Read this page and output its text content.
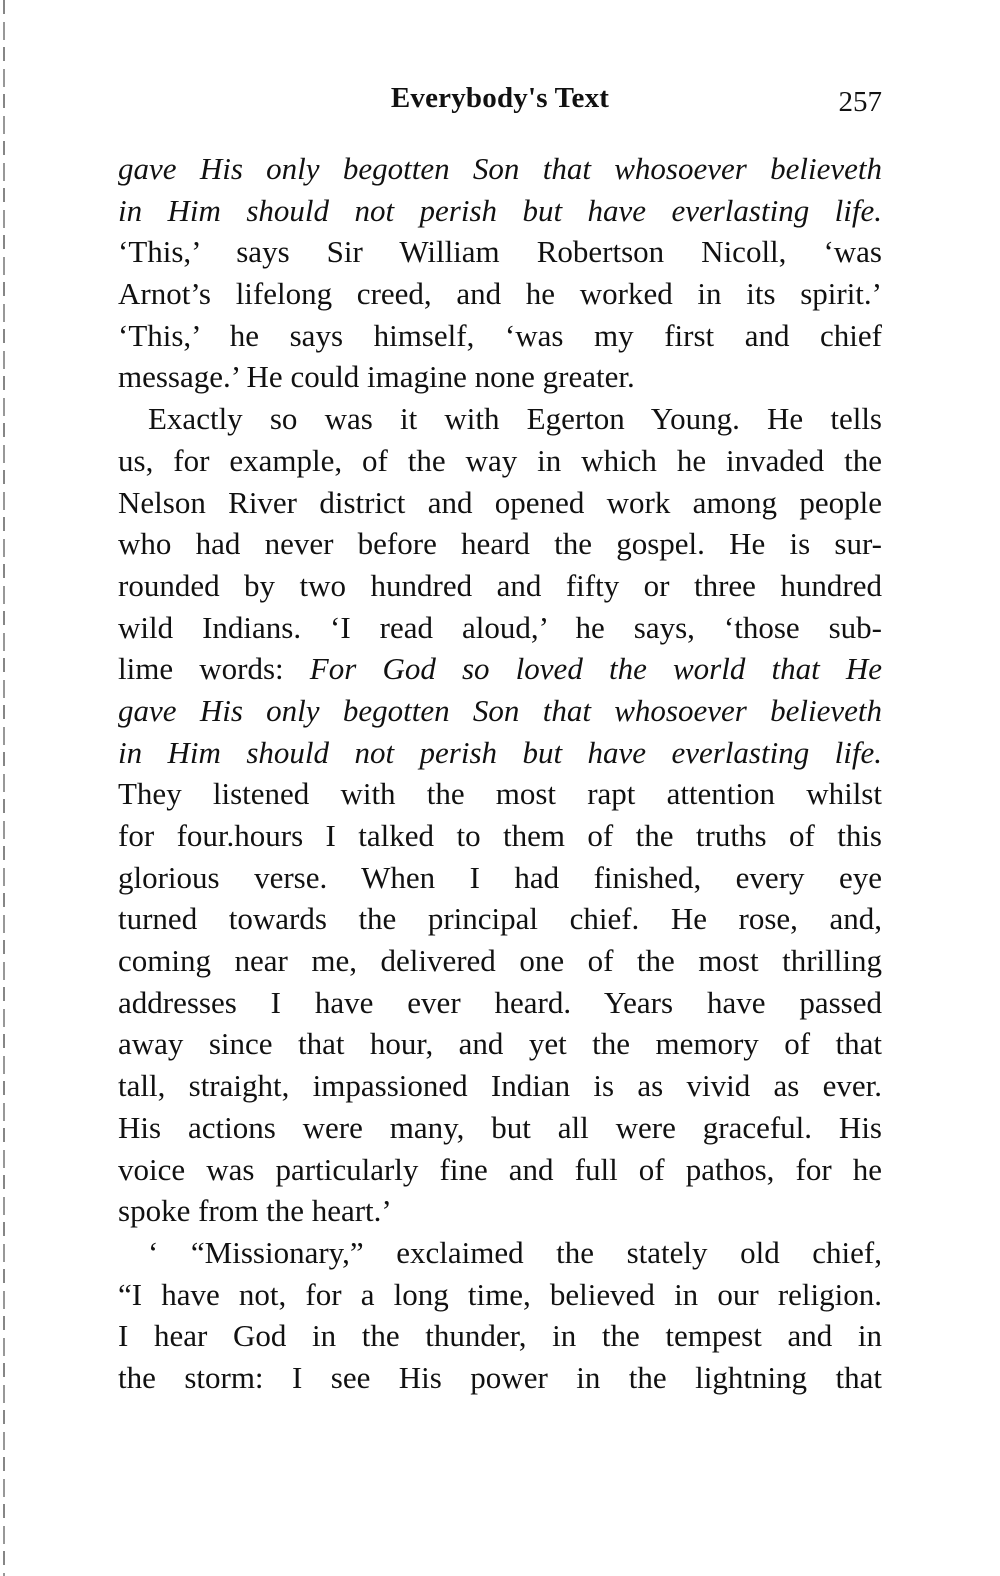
Everybody's Text	257
gave His only begotten Son that whosoever believeth
in Him should not perish but have everlasting life.
‘This,’ says Sir William Robertson Nicoll, ‘was
Arnot’s lifelong creed, and he worked in its spirit.’
‘This,’ he says himself, ‘was my first and chief
message.’ He could imagine none greater.
Exactly so was it with Egerton Young. He tells
us, for example, of the way in which he invaded the
Nelson River district and opened work among people
who had never before heard the gospel. He is sur-
rounded by two hundred and fifty or three hundred
wild Indians. ‘I read aloud,’ he says, ‘those sub-
lime words: For God so loved the world that He
gave His only begotten Son that whosoever believeth
in Him should not perish but have everlasting life.
They listened with the most rapt attention whilst
for four.hours I talked to them of the truths of this
glorious verse. When I had finished, every eye
turned towards the principal chief. He rose, and,
coming near me, delivered one of the most thrilling
addresses I have ever heard. Years have passed
away since that hour, and yet the memory of that
tall, straight, impassioned Indian is as vivid as ever.
His actions were many, but all were graceful. His
voice was particularly fine and full of pathos, for he
spoke from the heart.’
‘ “Missionary,” exclaimed the stately old chief,
“I have not, for a long time, believed in our religion.
I hear God in the thunder, in the tempest and in
the storm: I see His power in the lightning that
